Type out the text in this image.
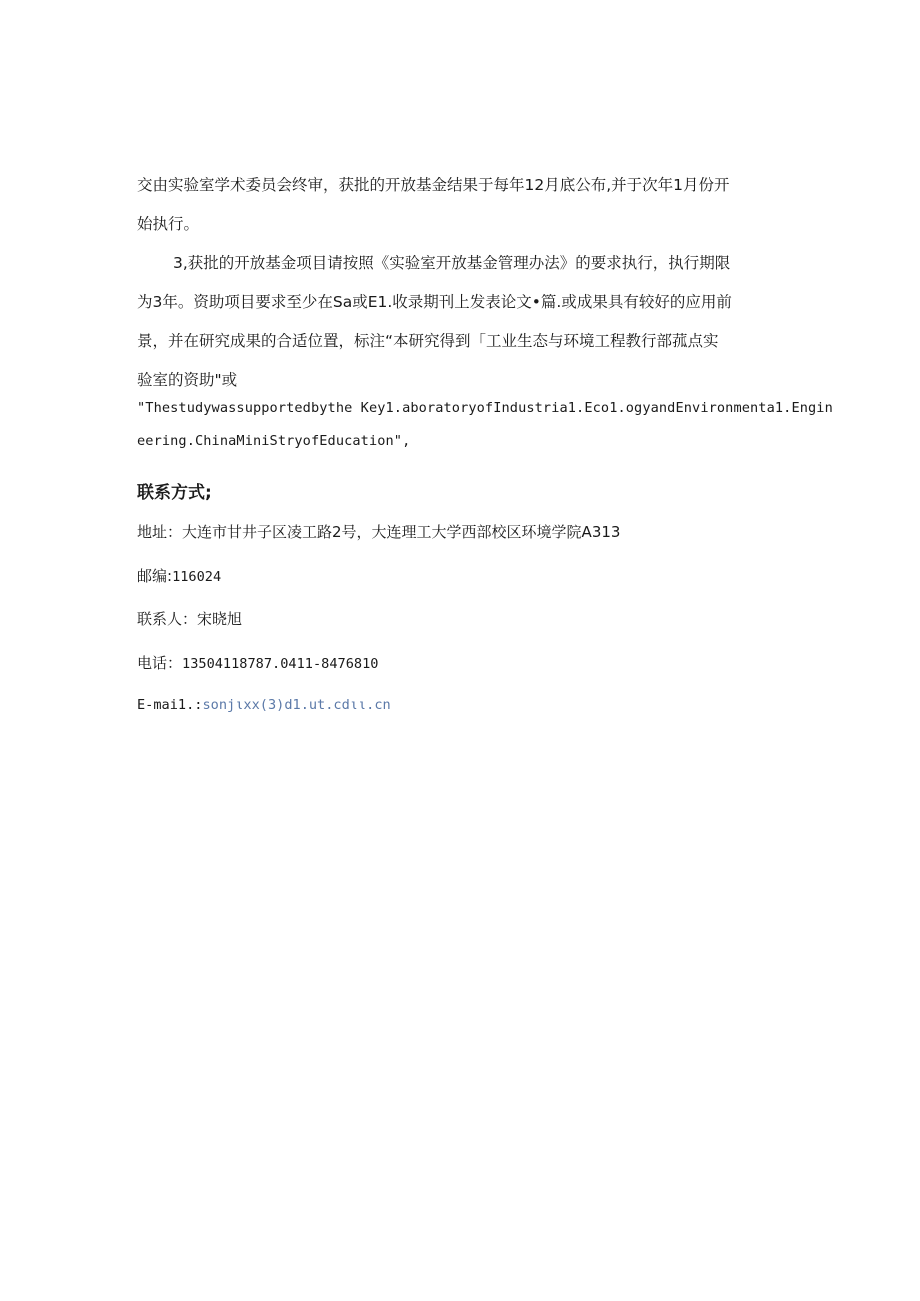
交由实验室学术委员会终审，获批的开放基金结果于每年12月底公布,并于次年1月份开
始执行。

3,获批的开放基金项目请按照《实验室开放基金管理办法》的要求执行，执行期限
为3年。资助项目要求至少在Sa或E1.收录期刊上发表论文•篇.或成果具有较好的应用前
景，并在研究成果的合适位置，标注“本研究得到「工业生态与环境工程教行部菰点实
验室的资助"或

"Thestudywassupportedbythe Key1.aboratoryofIndustria1.Eco1.ogyandEnvironmenta1.Engin
eering.ChinaMiniStryofEducation",

联系方式;

地址：大连市甘井子区凌工路2号，大连理工大学西部校区环境学院A313

邮编:116024

联系人：宋晓旭

电话：13504118787.0411-8476810

E-mai1.:sonjιxx(3)d1.ut.cdιι.cn
